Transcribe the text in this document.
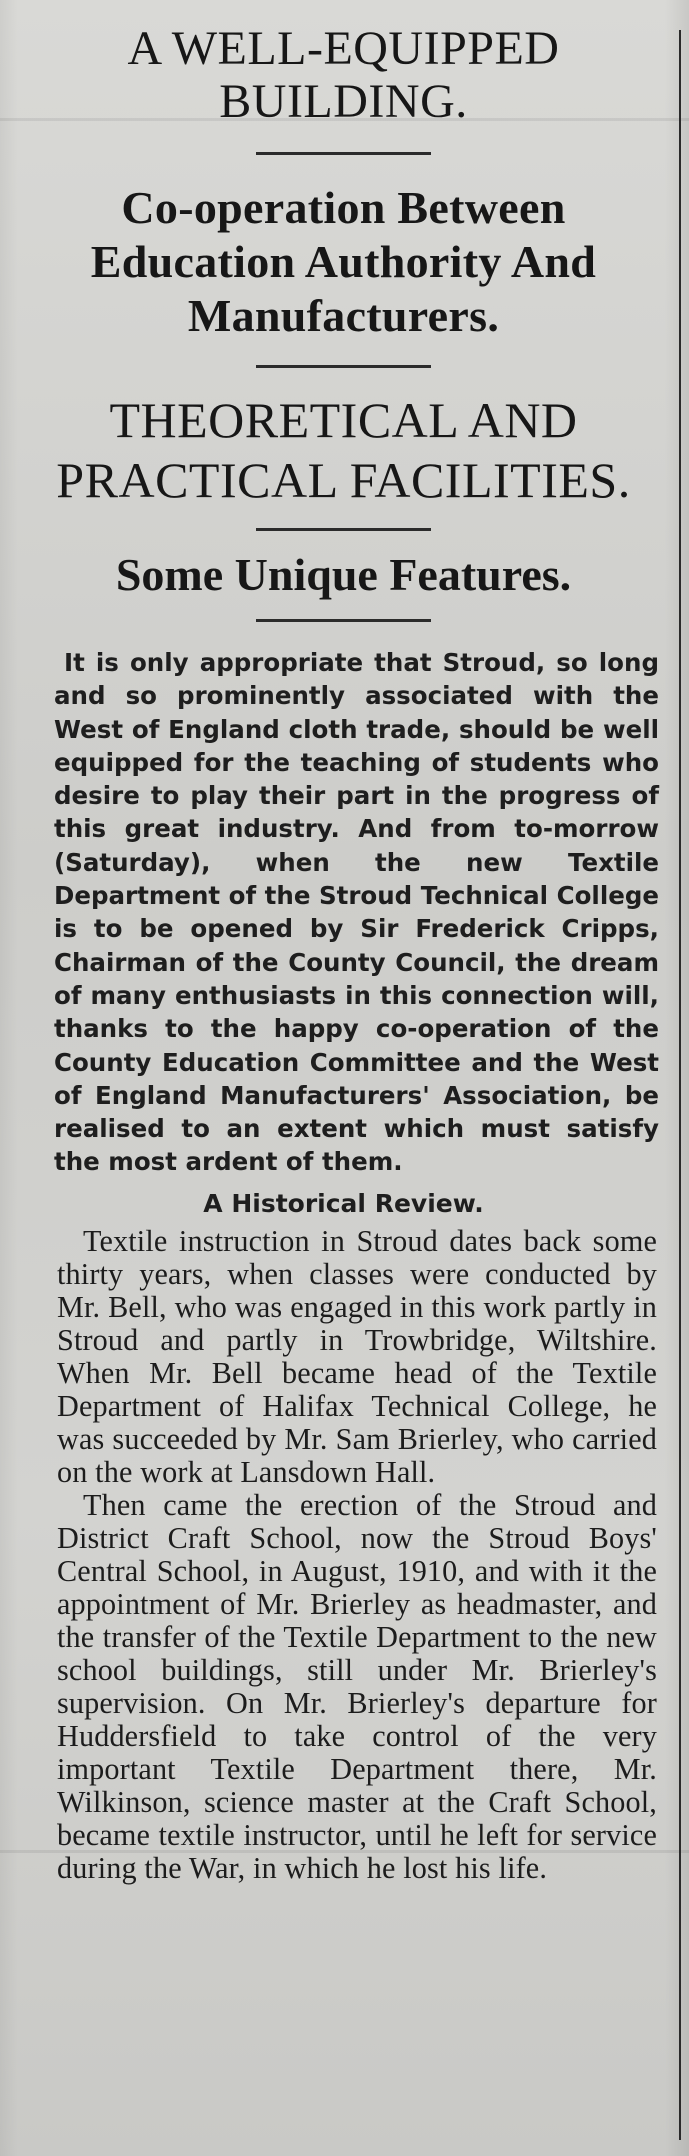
A WELL-EQUIPPED
BUILDING.
Co-operation Between
Education Authority And
Manufacturers.
THEORETICAL AND
PRACTICAL FACILITIES.
Some Unique Features.

It is only appropriate that Stroud, so long and so prominently associated with the West of England cloth trade, should be well equipped for the teaching of students who desire to play their part in the progress of this great industry. And from to-morrow (Saturday), when the new Textile Department of the Stroud Technical College is to be opened by Sir Frederick Cripps, Chairman of the County Council, the dream of many enthusiasts in this connection will, thanks to the happy co-operation of the County Education Committee and the West of England Manufacturers' Association, be realised to an extent which must satisfy the most ardent of them.

A Historical Review.

Textile instruction in Stroud dates back some thirty years, when classes were conducted by Mr. Bell, who was engaged in this work partly in Stroud and partly in Trowbridge, Wiltshire. When Mr. Bell became head of the Textile Department of Halifax Technical College, he was succeeded by Mr. Sam Brierley, who carried on the work at Lansdown Hall.

Then came the erection of the Stroud and District Craft School, now the Stroud Boys' Central School, in August, 1910, and with it the appointment of Mr. Brierley as headmaster, and the transfer of the Textile Department to the new school buildings, still under Mr. Brierley's supervision. On Mr. Brierley's departure for Huddersfield to take control of the very important Textile Department there, Mr. Wilkinson, science master at the Craft School, became textile instructor, until he left for service during the War, in which he lost his life.
